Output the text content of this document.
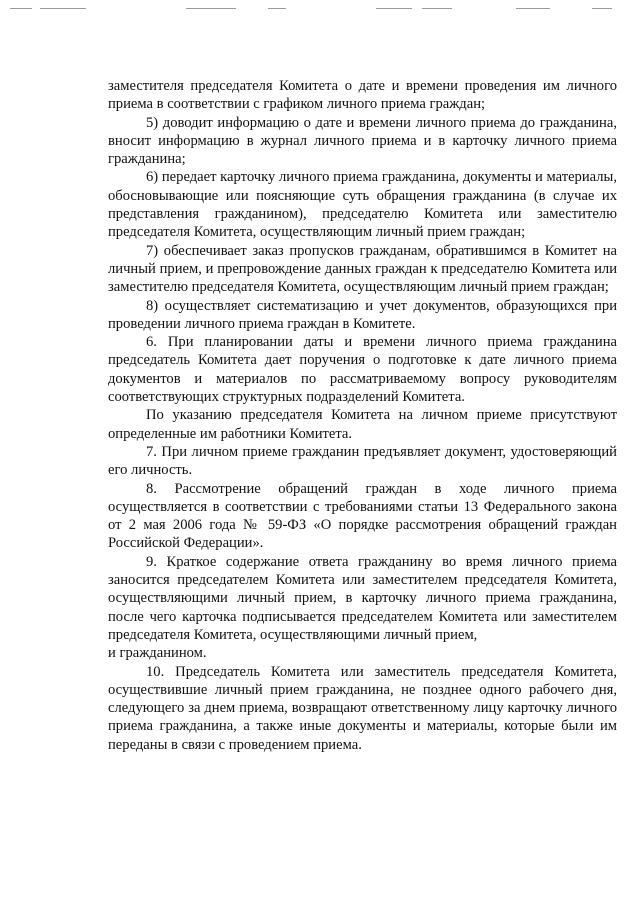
заместителя председателя Комитета о дате и времени проведения им личного приема в соответствии с графиком личного приема граждан;

5) доводит информацию о дате и времени личного приема до гражданина, вносит информацию в журнал личного приема и в карточку личного приема гражданина;

6) передает карточку личного приема гражданина, документы и материалы, обосновывающие или поясняющие суть обращения гражданина (в случае их представления гражданином), председателю Комитета или заместителю председателя Комитета, осуществляющим личный прием граждан;

7) обеспечивает заказ пропусков гражданам, обратившимся в Комитет на личный прием, и препровождение данных граждан к председателю Комитета или заместителю председателя Комитета, осуществляющим личный прием граждан;

8) осуществляет систематизацию и учет документов, образующихся при проведении личного приема граждан в Комитете.

6. При планировании даты и времени личного приема гражданина председатель Комитета дает поручения о подготовке к дате личного приема документов и материалов по рассматриваемому вопросу руководителям соответствующих структурных подразделений Комитета.

По указанию председателя Комитета на личном приеме присутствуют определенные им работники Комитета.

7. При личном приеме гражданин предъявляет документ, удостоверяющий его личность.

8. Рассмотрение обращений граждан в ходе личного приема осуществляется в соответствии с требованиями статьи 13 Федерального закона от 2 мая 2006 года № 59-ФЗ «О порядке рассмотрения обращений граждан Российской Федерации».

9. Краткое содержание ответа гражданину во время личного приема заносится председателем Комитета или заместителем председателя Комитета, осуществляющими личный прием, в карточку личного приема гражданина, после чего карточка подписывается председателем Комитета или заместителем председателя Комитета, осуществляющими личный прием,

и гражданином.

10. Председатель Комитета или заместитель председателя Комитета, осуществившие личный прием гражданина, не позднее одного рабочего дня, следующего за днем приема, возвращают ответственному лицу карточку личного приема гражданина, а также иные документы и материалы, которые были им переданы в связи с проведением приема.
